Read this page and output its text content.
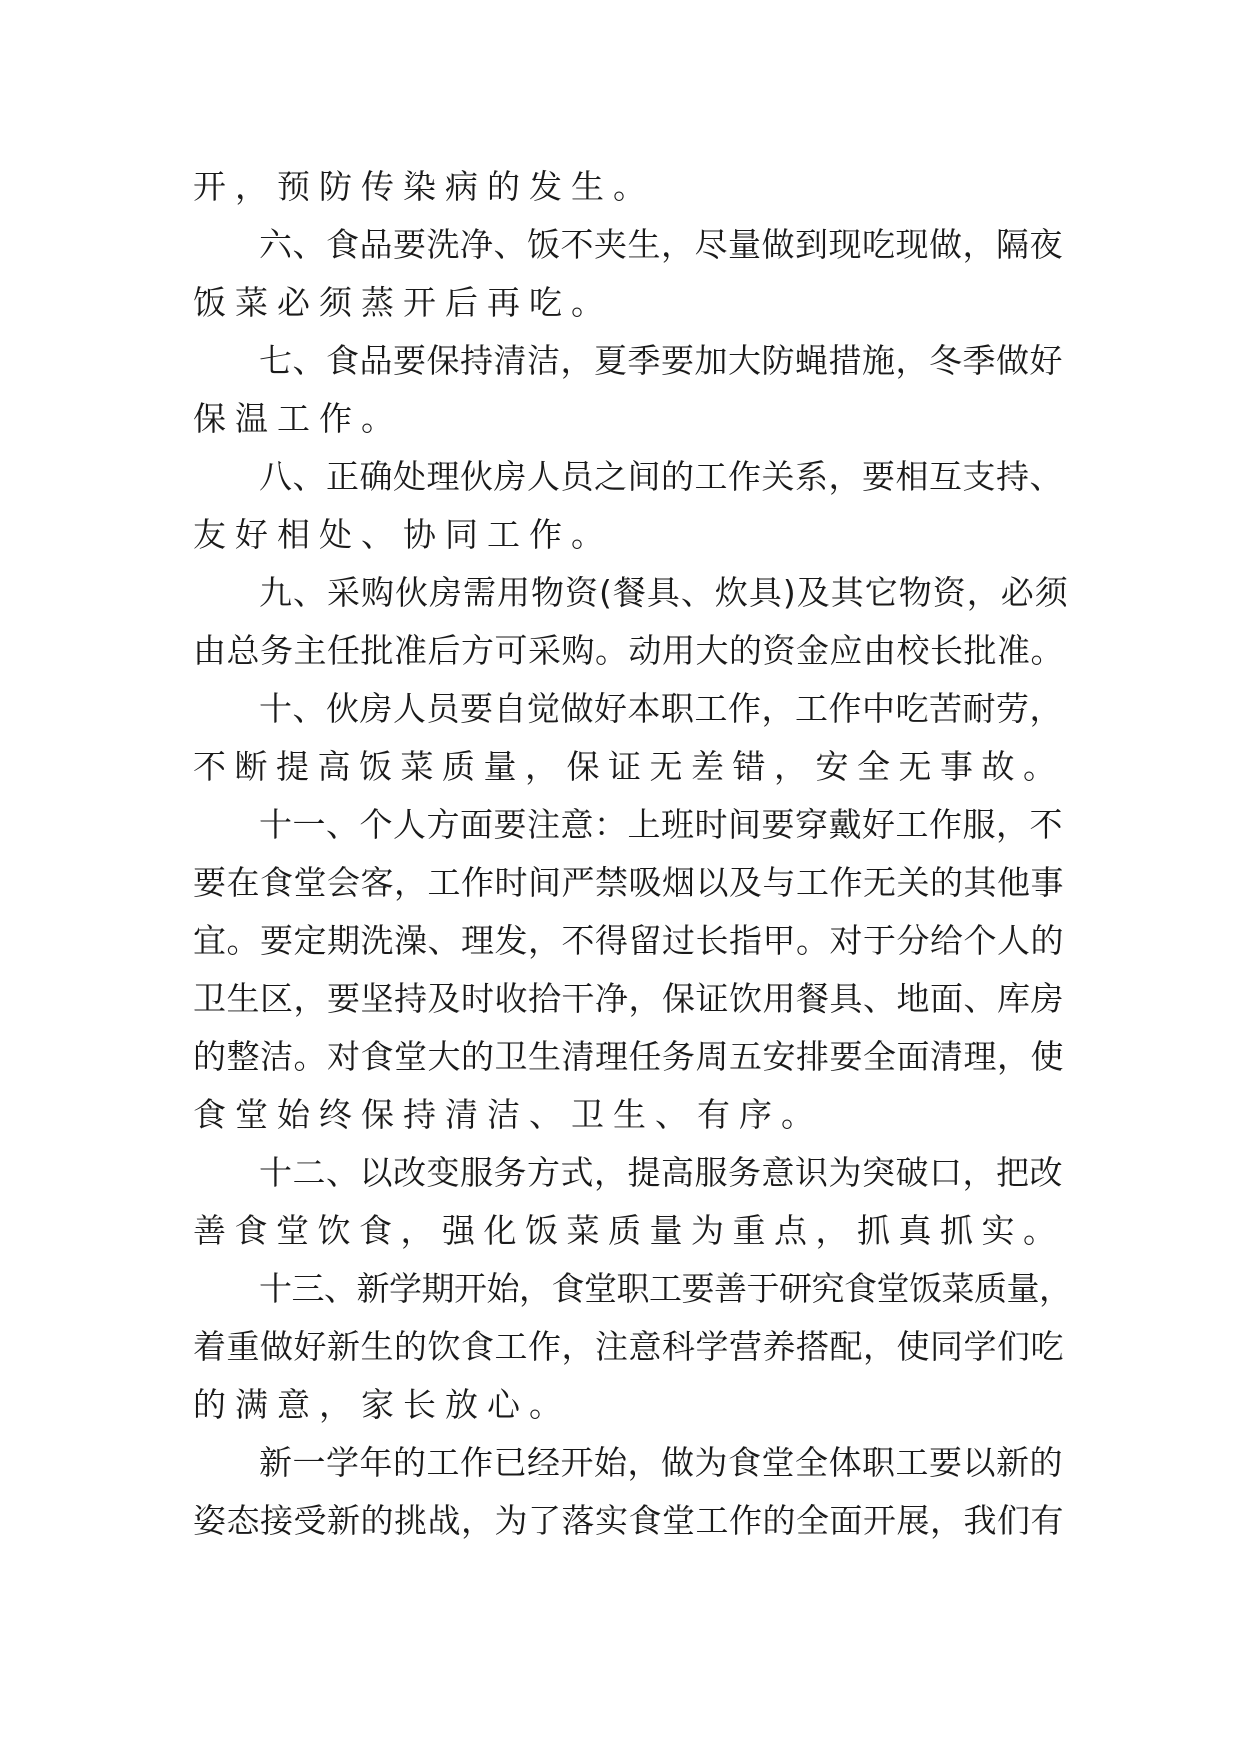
开，预防传染病的发生。
六、食品要洗净、饭不夹生，尽量做到现吃现做，隔夜
饭菜必须蒸开后再吃。
七、食品要保持清洁，夏季要加大防蝇措施，冬季做好
保温工作。
八、正确处理伙房人员之间的工作关系，要相互支持、
友好相处、协同工作。
九、采购伙房需用物资(餐具、炊具)及其它物资，必须
由总务主任批准后方可采购。动用大的资金应由校长批准。
十、伙房人员要自觉做好本职工作，工作中吃苦耐劳，
不断提高饭菜质量，保证无差错，安全无事故。
十一、个人方面要注意：上班时间要穿戴好工作服，不
要在食堂会客，工作时间严禁吸烟以及与工作无关的其他事
宜。要定期洗澡、理发，不得留过长指甲。对于分给个人的
卫生区，要坚持及时收拾干净，保证饮用餐具、地面、库房
的整洁。对食堂大的卫生清理任务周五安排要全面清理，使
食堂始终保持清洁、卫生、有序。
十二、以改变服务方式，提高服务意识为突破口，把改
善食堂饮食，强化饭菜质量为重点，抓真抓实。
十三、新学期开始，食堂职工要善于研究食堂饭菜质量，
着重做好新生的饮食工作，注意科学营养搭配，使同学们吃
的满意，家长放心。
新一学年的工作已经开始，做为食堂全体职工要以新的
姿态接受新的挑战，为了落实食堂工作的全面开展，我们有
